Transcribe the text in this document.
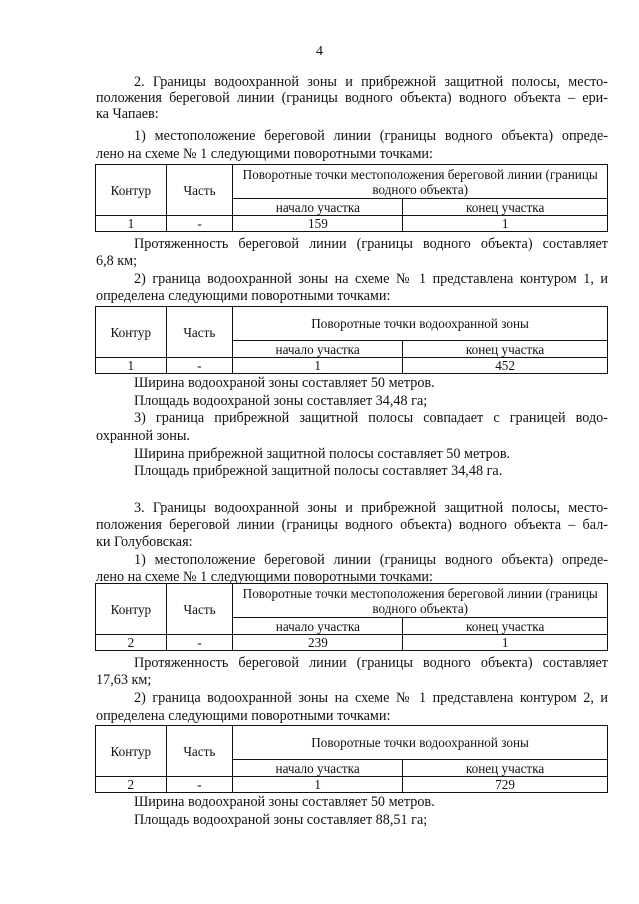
4

2. Границы водоохранной зоны и прибрежной защитной полосы, место-

положения береговой линии (границы водного объекта) водного объекта – ери-

ка Чапаев:

1) местоположение береговой линии (границы водного объекта) опреде-

лено на схеме № 1 следующими поворотными точками:

Контур	Часть	Поворотные точки местоположения береговой линии (границы водного объекта)	
		начало участка	конец участка
1	-	159	1

Протяженность береговой линии (границы водного объекта) составляет

6,8 км;

2) граница водоохранной зоны на схеме № 1 представлена контуром 1, и

определена следующими поворотными точками:

Контур	Часть	Поворотные точки водоохранной зоны	
		начало участка	конец участка
1	-	1	452

Ширина водоохраной зоны составляет 50 метров.

Площадь водоохраной зоны составляет 34,48 га;

3) граница прибрежной защитной полосы совпадает с границей водо-

охранной зоны.

Ширина прибрежной защитной полосы составляет 50 метров.

Площадь прибрежной защитной полосы составляет 34,48 га.

3. Границы водоохранной зоны и прибрежной защитной полосы, место-

положения береговой линии (границы водного объекта) водного объекта – бал-

ки Голубовская:

1) местоположение береговой линии (границы водного объекта) опреде-

лено на схеме № 1 следующими поворотными точками:

Контур	Часть	Поворотные точки местоположения береговой линии (границы водного объекта)	
		начало участка	конец участка
2	-	239	1

Протяженность береговой линии (границы водного объекта) составляет

17,63 км;

2) граница водоохранной зоны на схеме № 1 представлена контуром 2, и

определена следующими поворотными точками:

Контур	Часть	Поворотные точки водоохранной зоны	
		начало участка	конец участка
2	-	1	729

Ширина водоохраной зоны составляет 50 метров.

Площадь водоохраной зоны составляет 88,51 га;
